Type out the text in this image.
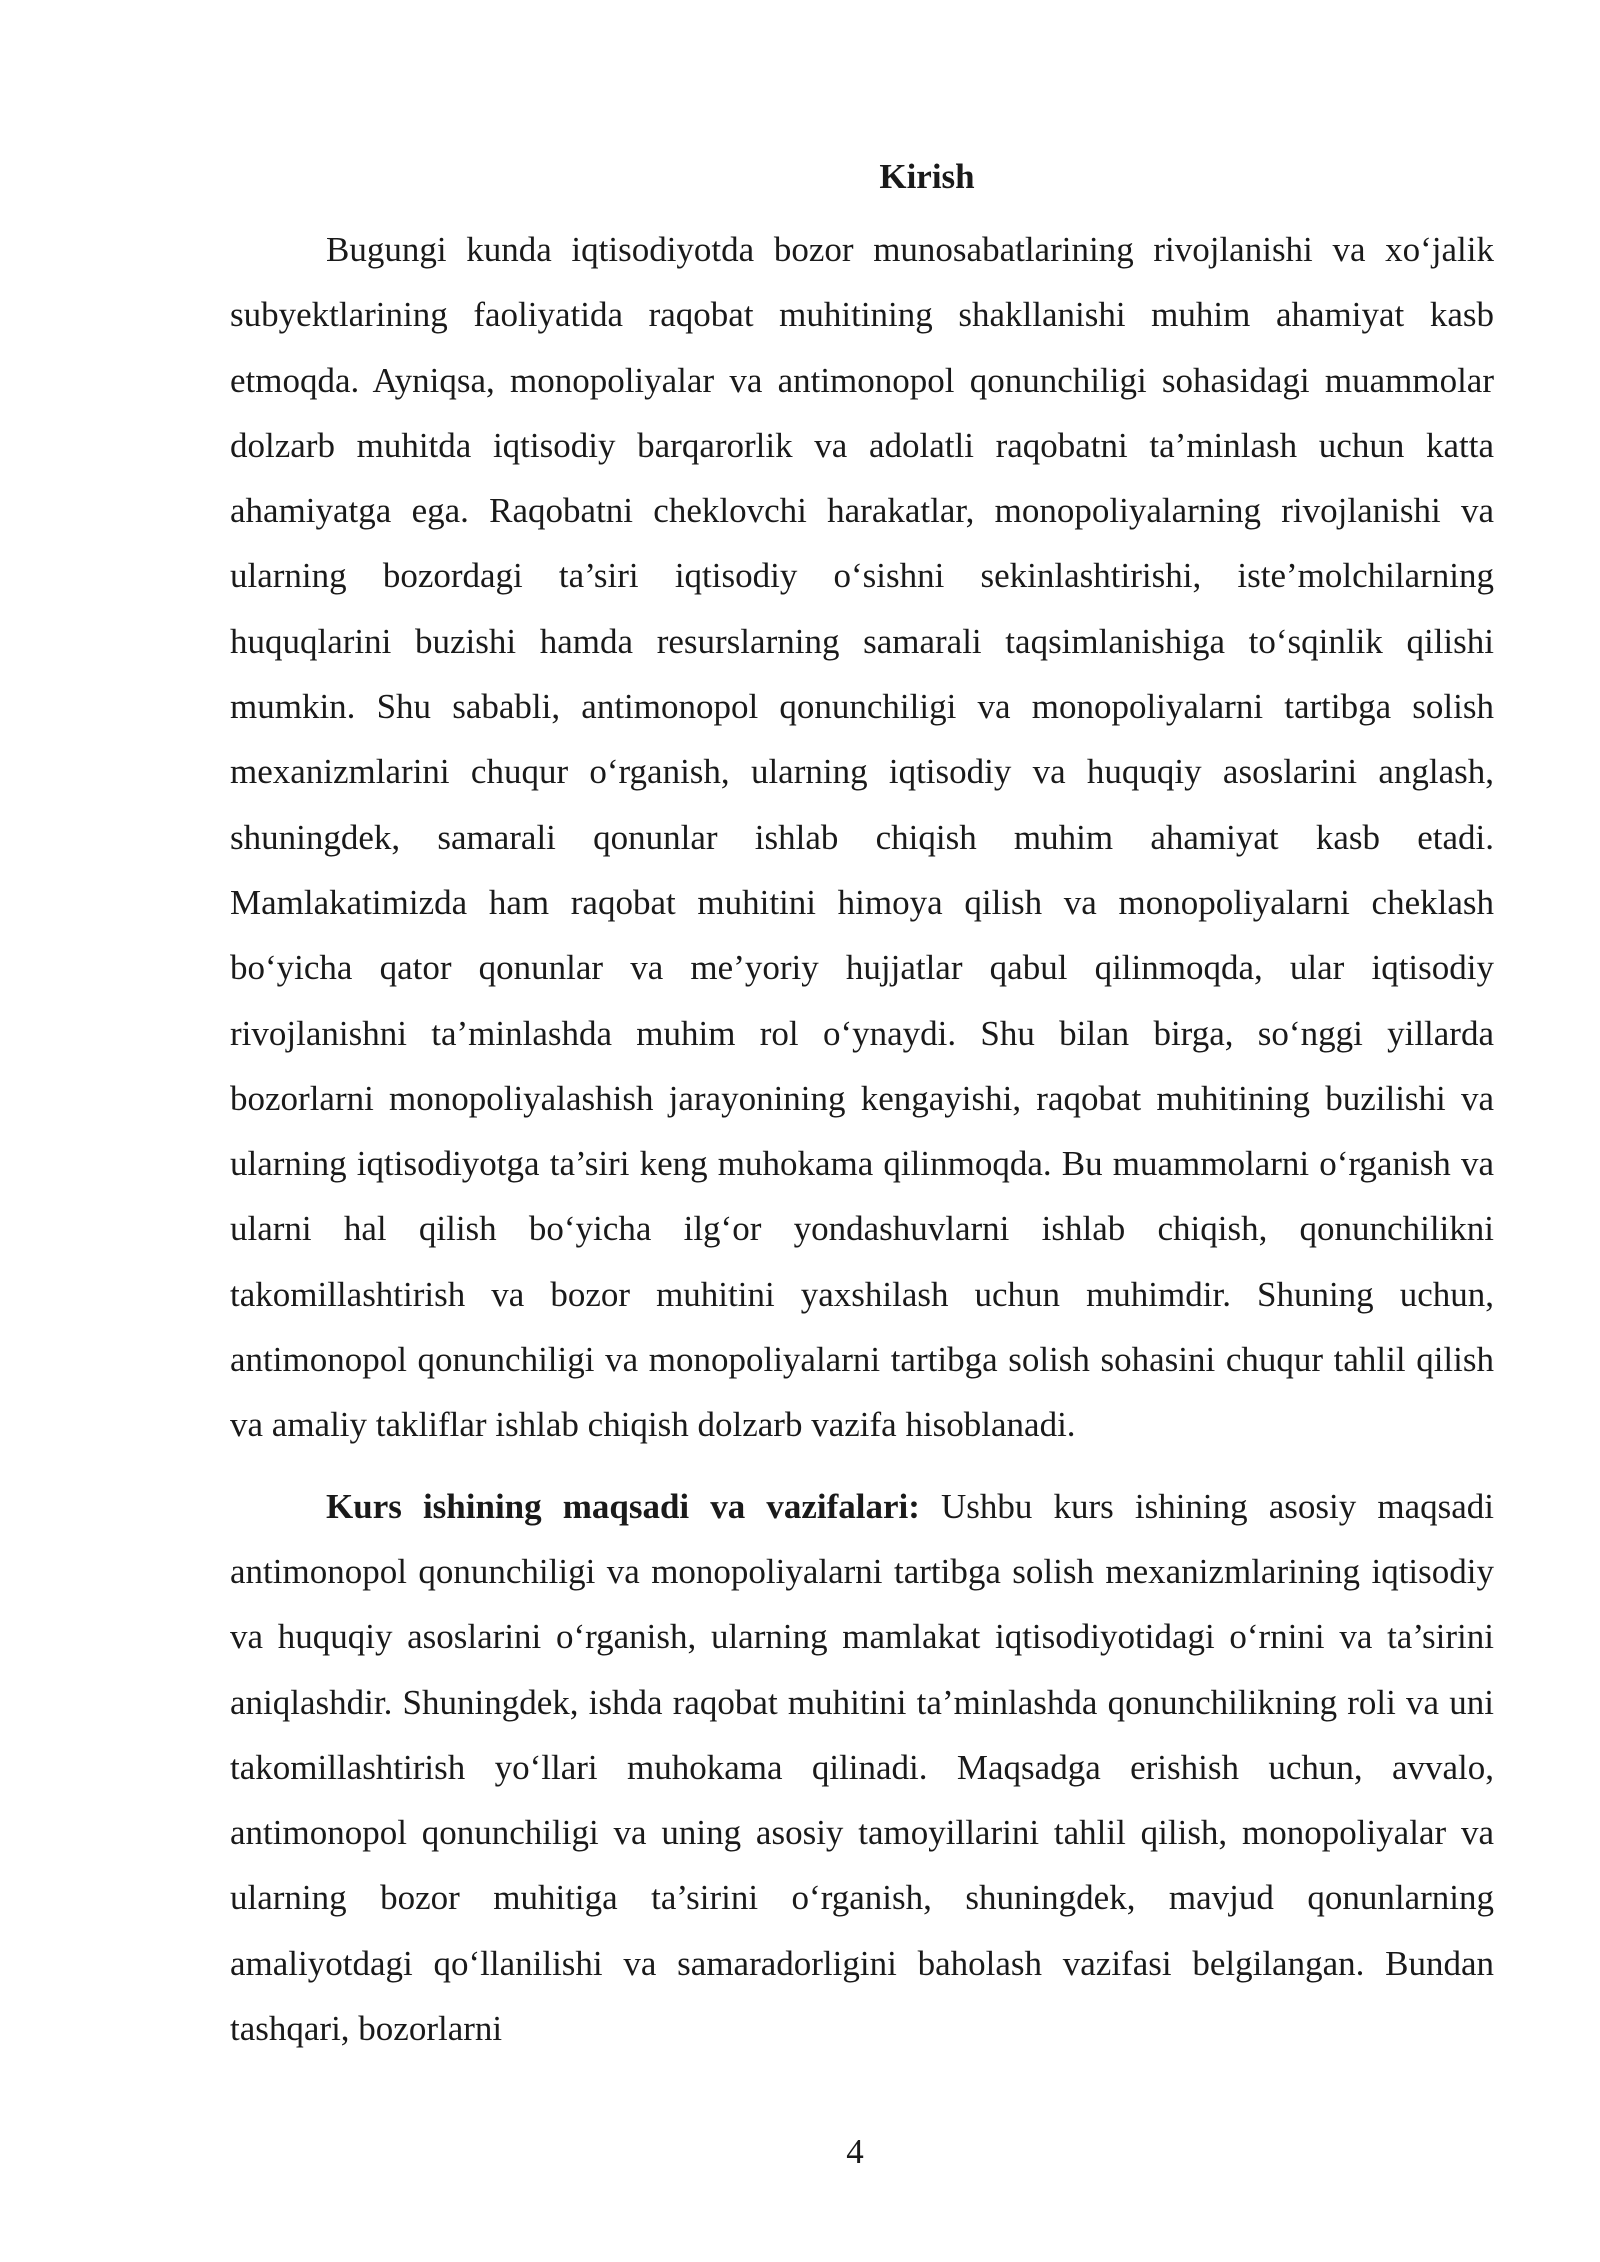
Kirish

Bugungi kunda iqtisodiyotda bozor munosabatlarining rivojlanishi va xoʻjalik subyektlarining faoliyatida raqobat muhitining shakllanishi muhim ahamiyat kasb etmoqda. Ayniqsa, monopoliyalar va antimonopol qonunchiligi sohasidagi muammolar dolzarb muhitda iqtisodiy barqarorlik va adolatli raqobatni ta’minlash uchun katta ahamiyatga ega. Raqobatni cheklovchi harakatlar, monopoliyalarning rivojlanishi va ularning bozordagi ta’siri iqtisodiy oʻsishni sekinlashtirishi, iste’molchilarning huquqlarini buzishi hamda resurslarning samarali taqsimlanishiga toʻsqinlik qilishi mumkin. Shu sababli, antimonopol qonunchiligi va monopoliyalarni tartibga solish mexanizmlarini chuqur oʻrganish, ularning iqtisodiy va huquqiy asoslarini anglash, shuningdek, samarali qonunlar ishlab chiqish muhim ahamiyat kasb etadi. Mamlakatimizda ham raqobat muhitini himoya qilish va monopoliyalarni cheklash boʻyicha qator qonunlar va me’yoriy hujjatlar qabul qilinmoqda, ular iqtisodiy rivojlanishni ta’minlashda muhim rol oʻynaydi. Shu bilan birga, soʻnggi yillarda bozorlarni monopoliyalashish jarayonining kengayishi, raqobat muhitining buzilishi va ularning iqtisodiyotga ta’siri keng muhokama qilinmoqda. Bu muammolarni oʻrganish va ularni hal qilish boʻyicha ilgʻor yondashuvlarni ishlab chiqish, qonunchilikni takomillashtirish va bozor muhitini yaxshilash uchun muhimdir. Shuning uchun, antimonopol qonunchiligi va monopoliyalarni tartibga solish sohasini chuqur tahlil qilish va amaliy takliflar ishlab chiqish dolzarb vazifa hisoblanadi.

Kurs ishining maqsadi va vazifalari: Ushbu kurs ishining asosiy maqsadi antimonopol qonunchiligi va monopoliyalarni tartibga solish mexanizmlarining iqtisodiy va huquqiy asoslarini oʻrganish, ularning mamlakat iqtisodiyotidagi oʻrnini va ta’sirini aniqlashdir. Shuningdek, ishda raqobat muhitini ta’minlashda qonunchilikning roli va uni takomillashtirish yoʻllari muhokama qilinadi. Maqsadga erishish uchun, avvalo, antimonopol qonunchiligi va uning asosiy tamoyillarini tahlil qilish, monopoliyalar va ularning bozor muhitiga ta’sirini oʻrganish, shuningdek, mavjud qonunlarning amaliyotdagi qoʻllanilishi va samaradorligini baholash vazifasi belgilangan. Bundan tashqari, bozorlarni

4
